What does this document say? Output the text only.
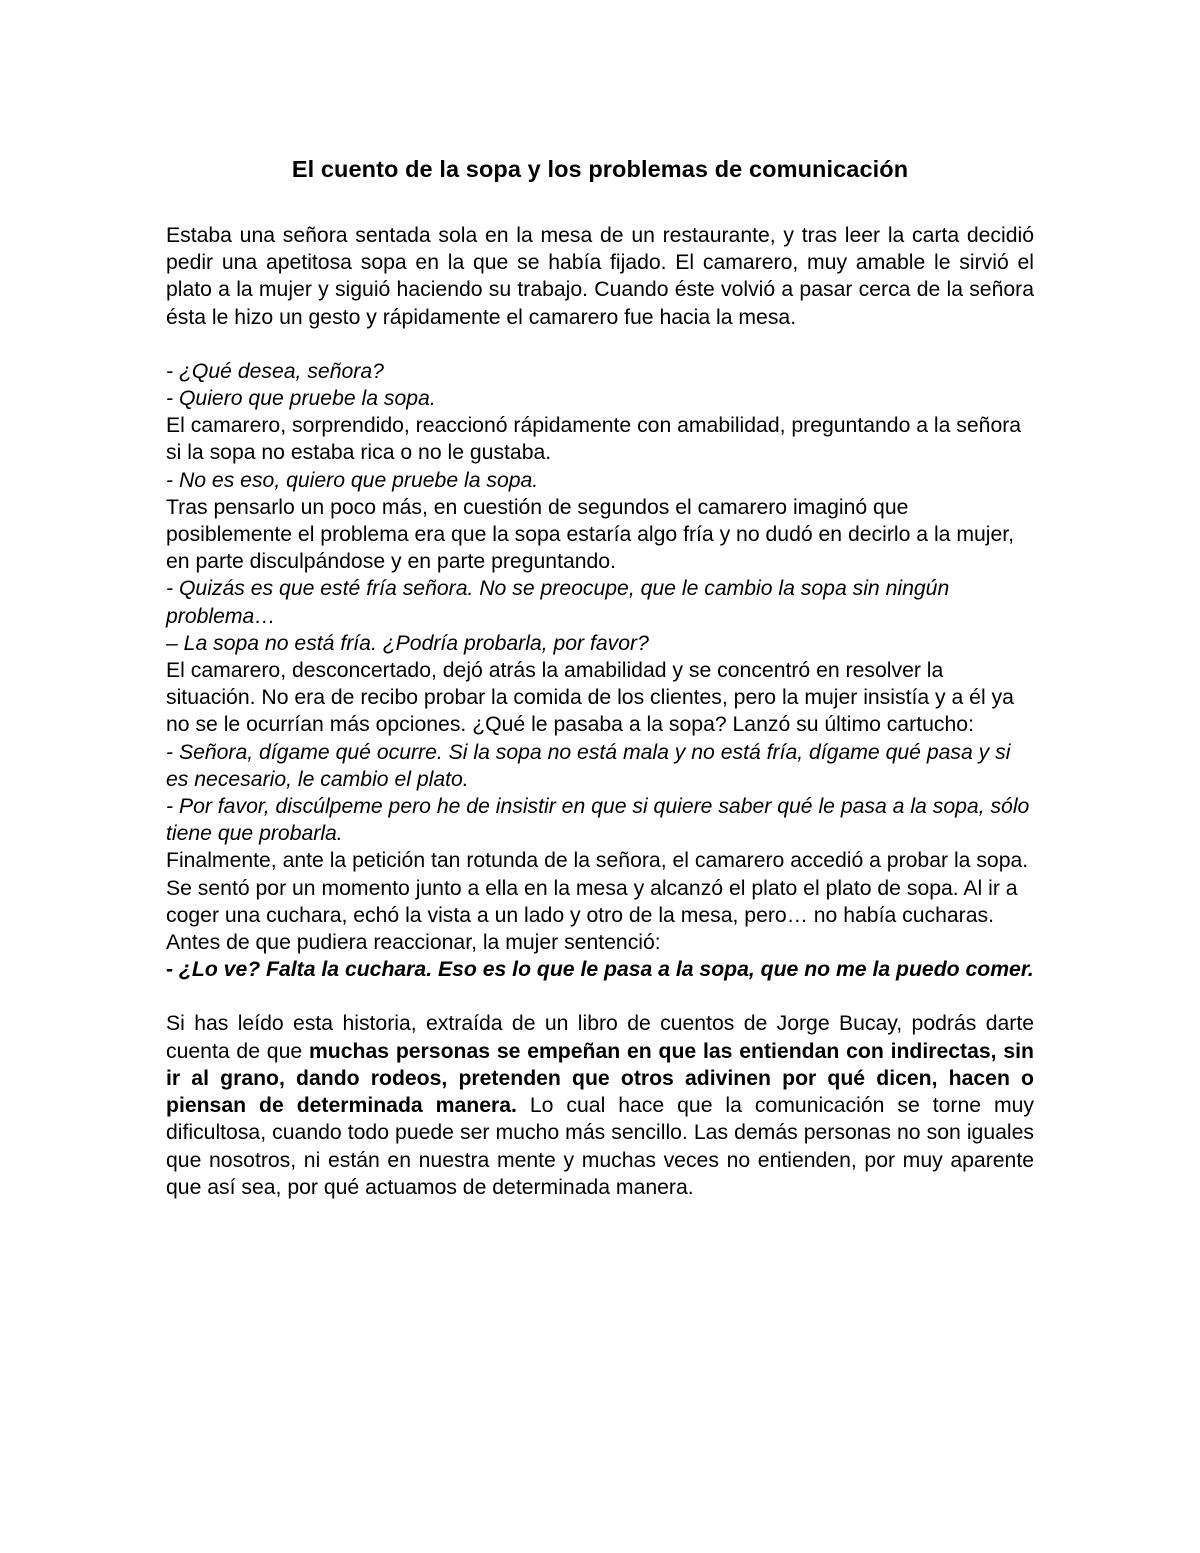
El cuento de la sopa y los problemas de comunicación

Estaba una señora sentada sola en la mesa de un restaurante, y tras leer la carta decidió pedir una apetitosa sopa en la que se había fijado. El camarero, muy amable le sirvió el plato a la mujer y siguió haciendo su trabajo. Cuando éste volvió a pasar cerca de la señora ésta le hizo un gesto y rápidamente el camarero fue hacia la mesa.

- ¿Qué desea, señora?
- Quiero que pruebe la sopa.
El camarero, sorprendido, reaccionó rápidamente con amabilidad, preguntando a la señora si la sopa no estaba rica o no le gustaba.
- No es eso, quiero que pruebe la sopa.
Tras pensarlo un poco más, en cuestión de segundos el camarero imaginó que posiblemente el problema era que la sopa estaría algo fría y no dudó en decirlo a la mujer, en parte disculpándose y en parte preguntando.
- Quizás es que esté fría señora. No se preocupe, que le cambio la sopa sin ningún problema…
– La sopa no está fría. ¿Podría probarla, por favor?
El camarero, desconcertado, dejó atrás la amabilidad y se concentró en resolver la situación. No era de recibo probar la comida de los clientes, pero la mujer insistía y a él ya no se le ocurrían más opciones. ¿Qué le pasaba a la sopa? Lanzó su último cartucho:
- Señora, dígame qué ocurre. Si la sopa no está mala y no está fría, dígame qué pasa y si es necesario, le cambio el plato.
- Por favor, discúlpeme pero he de insistir en que si quiere saber qué le pasa a la sopa, sólo tiene que probarla.
Finalmente, ante la petición tan rotunda de la señora, el camarero accedió a probar la sopa. Se sentó por un momento junto a ella en la mesa y alcanzó el plato el plato de sopa. Al ir a coger una cuchara, echó la vista a un lado y otro de la mesa, pero… no había cucharas. Antes de que pudiera reaccionar, la mujer sentenció:
- ¿Lo ve? Falta la cuchara. Eso es lo que le pasa a la sopa, que no me la puedo comer.

Si has leído esta historia, extraída de un libro de cuentos de Jorge Bucay, podrás darte cuenta de que muchas personas se empeñan en que las entiendan con indirectas, sin ir al grano, dando rodeos, pretenden que otros adivinen por qué dicen, hacen o piensan de determinada manera. Lo cual hace que la comunicación se torne muy dificultosa, cuando todo puede ser mucho más sencillo. Las demás personas no son iguales que nosotros, ni están en nuestra mente y muchas veces no entienden, por muy aparente que así sea, por qué actuamos de determinada manera.
